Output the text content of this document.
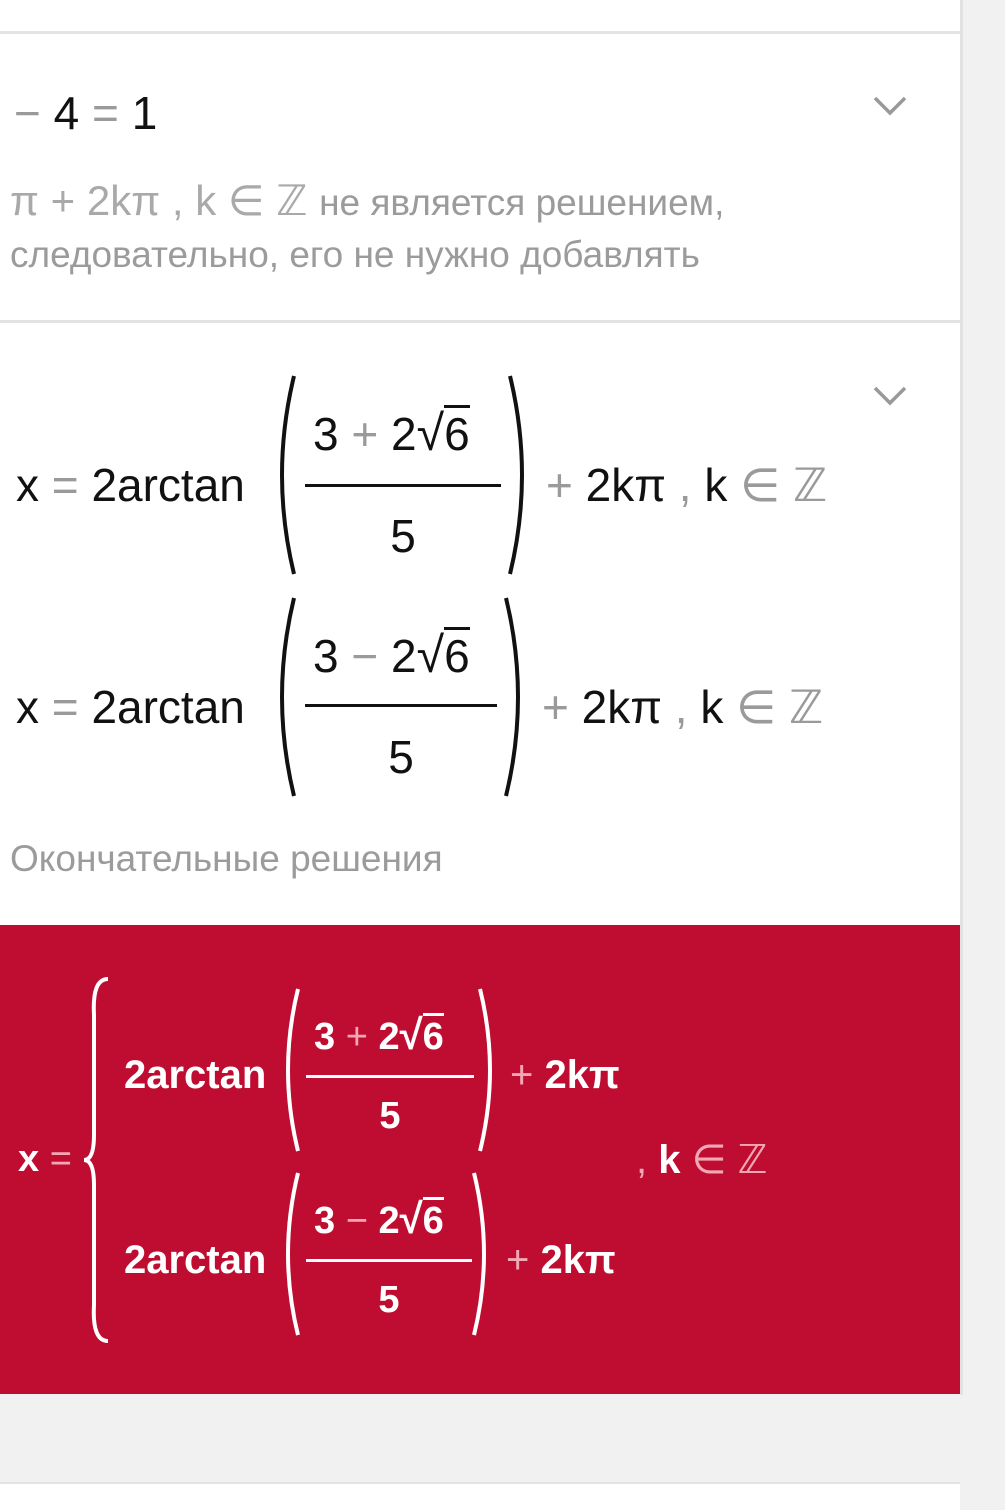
− 4 = 1
π + 2kπ , k ∈ ℤ не является решением,
следовательно, его не нужно добавлять
x = 2arctan
3 + 2√6
5
+ 2kπ , k ∈ ℤ
x = 2arctan
3 − 2√6
5
+ 2kπ , k ∈ ℤ
Окончательные решения
x =
2arctan
3 + 2√6
5
+ 2kπ
2arctan
3 − 2√6
5
+ 2kπ
, k ∈ ℤ
